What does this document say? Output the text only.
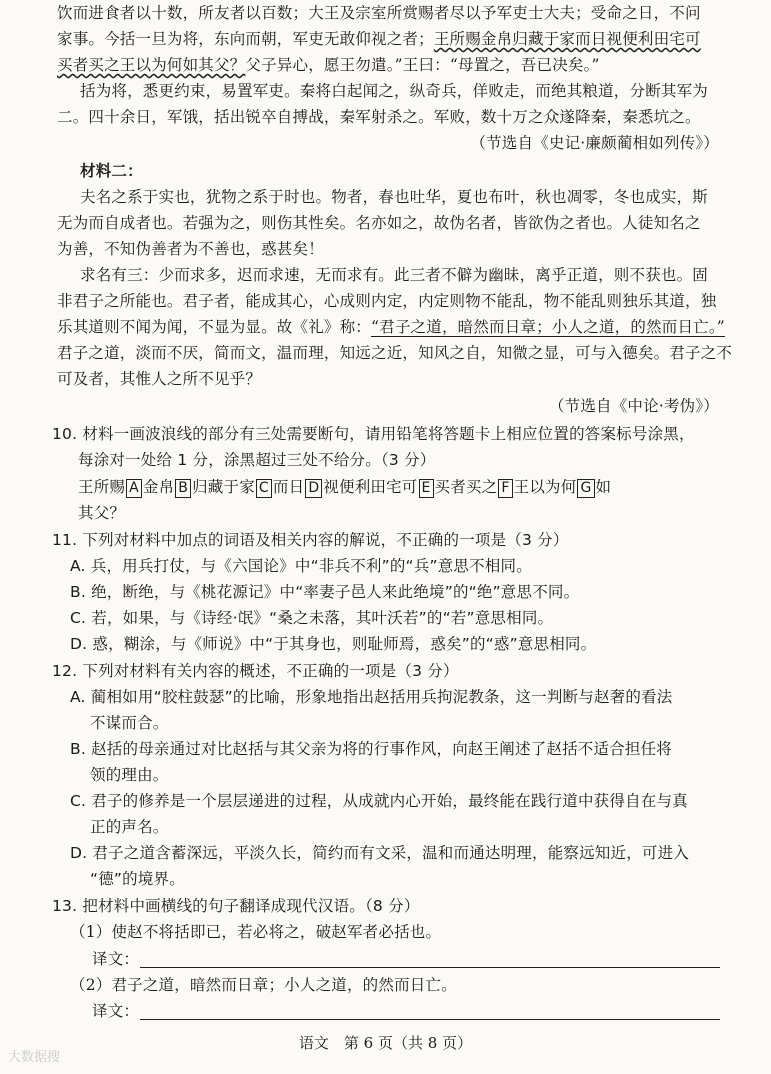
饮而进食者以十数，所友者以百数；大王及宗室所赏赐者尽以予军吏士大夫；受命之日，不问
家事。今括一旦为将，东向而朝，军吏无敢仰视之者；王所赐金帛归藏于家而日视便利田宅可
买者买之王以为何如其父？父子异心，愿王勿遣。”王曰：“母置之，吾已决矣。”
括为将，悉更约束，易置军吏。秦将白起闻之，纵奇兵，佯败走，而绝其粮道，分断其军为
二。四十余日，军饿，括出锐卒自搏战，秦军射杀之。军败，数十万之众遂降秦，秦悉坑之。
（节选自《史记·廉颇蔺相如列传》）
材料二：
夫名之系于实也，犹物之系于时也。物者，春也吐华，夏也布叶，秋也凋零，冬也成实，斯
无为而自成者也。若强为之，则伤其性矣。名亦如之，故伪名者，皆欲伪之者也。人徒知名之
为善，不知伪善者为不善也，惑甚矣！
求名有三：少而求多，迟而求速，无而求有。此三者不僻为幽昧，离乎正道，则不获也。固
非君子之所能也。君子者，能成其心，心成则内定，内定则物不能乱，物不能乱则独乐其道，独
乐其道则不闻为闻，不显为显。故《礼》称：“君子之道，暗然而日章；小人之道，的然而日亡。”
君子之道，淡而不厌，简而文，温而理，知远之近，知风之自，知微之显，可与入德矣。君子之不
可及者，其惟人之所不见乎？
（节选自《中论·考伪》）
10. 材料一画波浪线的部分有三处需要断句，请用铅笔将答题卡上相应位置的答案标号涂黑，
每涂对一处给 1 分，涂黑超过三处不给分。（3 分）
王所赐 A 金帛 B 归藏于家 C 而日 D 视便利田宅可 E 买者买之 F 王以为何 G 如
其父？
11. 下列对材料中加点的词语及相关内容的解说，不正确的一项是（3 分）
A. 兵，用兵打仗，与《六国论》中“非兵不利”的“兵”意思不相同。
B. 绝，断绝，与《桃花源记》中“率妻子邑人来此绝境”的“绝”意思不同。
C. 若，如果，与《诗经·氓》“桑之未落，其叶沃若”的“若”意思相同。
D. 惑，糊涂，与《师说》中“于其身也，则耻师焉，惑矣”的“惑”意思相同。
12. 下列对材料有关内容的概述，不正确的一项是（3 分）
A. 蔺相如用“胶柱鼓瑟”的比喻，形象地指出赵括用兵拘泥教条，这一判断与赵奢的看法
不谋而合。
B. 赵括的母亲通过对比赵括与其父亲为将的行事作风，向赵王阐述了赵括不适合担任将
领的理由。
C. 君子的修养是一个层层递进的过程，从成就内心开始，最终能在践行道中获得自在与真
正的声名。
D. 君子之道含蓄深远，平淡久长，简约而有文采，温和而通达明理，能察远知近，可进入
“德”的境界。
13. 把材料中画横线的句子翻译成现代汉语。（8 分）
（1）使赵不将括即已，若必将之，破赵军者必括也。
译文：
（2）君子之道，暗然而日章；小人之道，的然而日亡。
译文：
语文　第 6 页（共 8 页）
大数据搜
